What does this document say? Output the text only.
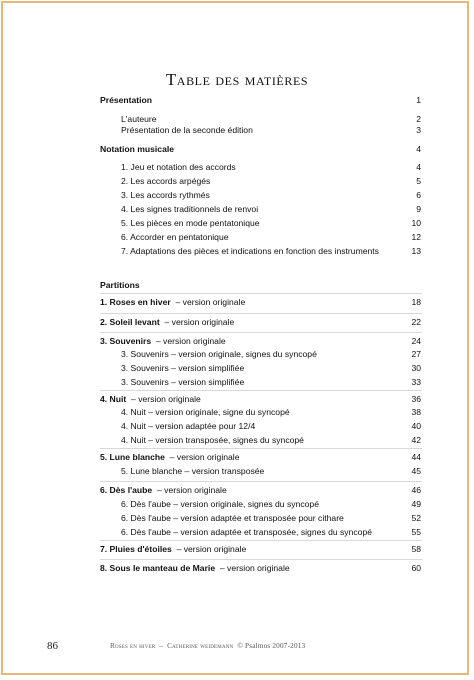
Table des matières
Présentation	1
L'auteure	2
Présentation de la seconde édition	3
Notation musicale	4
1. Jeu et notation des accords	4
2. Les accords arpégés	5
3. Les accords rythmés	6
4. Les signes traditionnels de renvoi	9
5. Les pièces en mode pentatonique	10
6. Accorder en pentatonique	12
7. Adaptations des pièces et indications en fonction des instruments	13
Partitions
1. Roses en hiver – version originale	18
2. Soleil levant – version originale	22
3. Souvenirs – version originale	24
3. Souvenirs – version originale, signes du syncopé	27
3. Souvenirs – version simplifiée	30
3. Souvenirs – version simplifiée	33
4. Nuit – version originale	36
4. Nuit – version originale, signe du syncopé	38
4. Nuit – version adaptée pour 12/4	40
4. Nuit – version transposée, signes du syncopé	42
5. Lune blanche – version originale	44
5. Lune blanche – version transposée	45
6. Dès l'aube – version originale	46
6. Dès l'aube – version originale, signes du syncopé	49
6. Dès l'aube – version adaptée et transposée pour cithare	52
6. Dès l'aube – version adaptée et transposée, signes du syncopé	55
7. Pluies d'étoiles – version originale	58
8. Sous le manteau de Marie – version originale	60
86	Roses en hiver – Catherine weidemann © Psalmos 2007-2013
